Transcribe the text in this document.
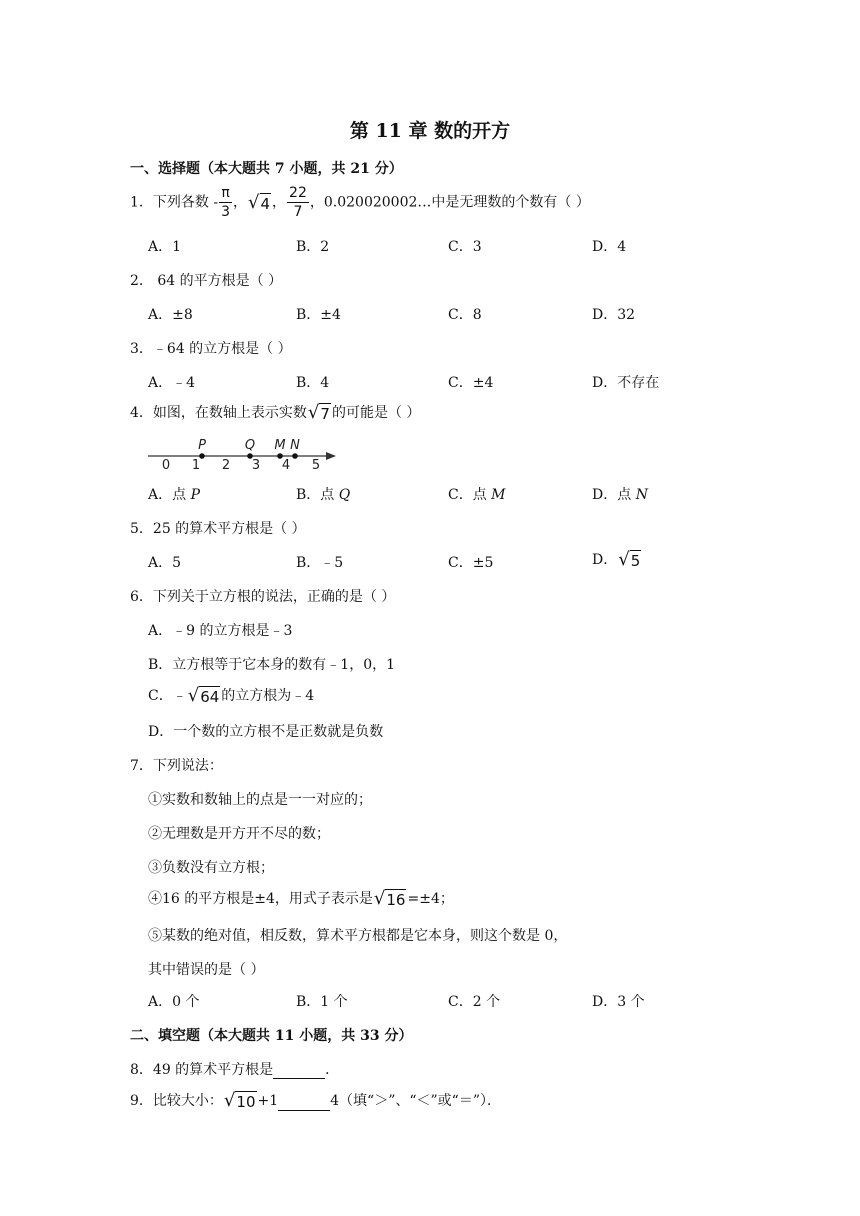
第 11 章 数的开方
一、选择题（本大题共 7 小题，共 21 分）
1．下列各数 - $\frac{\pi}{3}$ ， √ 4 ， $\frac{22}{7}$ ，0.020020002…中是无理数的个数有（ ）
A．1	B．2	C．3	D．4
2． 64 的平方根是（ ）
A．±8	B．±4	C．8	D．32
3．﹣64 的立方根是（ ）
A．﹣4	B．4	C．±4	D．不存在
4．如图，在数轴上表示实数 √ 7 的可能是（ ）
0 1 2 3 4 5
P	Q M N
A．点 P	B．点 Q	C．点 M	D．点 N
5．25 的算术平方根是（ ）
A．5	B．﹣5	C．±5	D． √ 5
6．下列关于立方根的说法，正确的是（ ）
A．﹣9 的立方根是﹣3
B．立方根等于它本身的数有﹣1，0，1
C．﹣ √ 64 的立方根为﹣4
D．一个数的立方根不是正数就是负数
7．下列说法：
①实数和数轴上的点是一一对应的；
②无理数是开方开不尽的数；
③负数没有立方根；
④16 的平方根是±4，用式子表示是 √ 16 =±4；
⑤某数的绝对值，相反数，算术平方根都是它本身，则这个数是 0，
其中错误的是（ ）
A．0 个	B．1 个	C．2 个	D．3 个
二、填空题（本大题共 11 小题，共 33 分）
8．49 的算术平方根是	．
9．比较大小： √ 10 +1	4（填“＞”、“＜”或“＝”）．
